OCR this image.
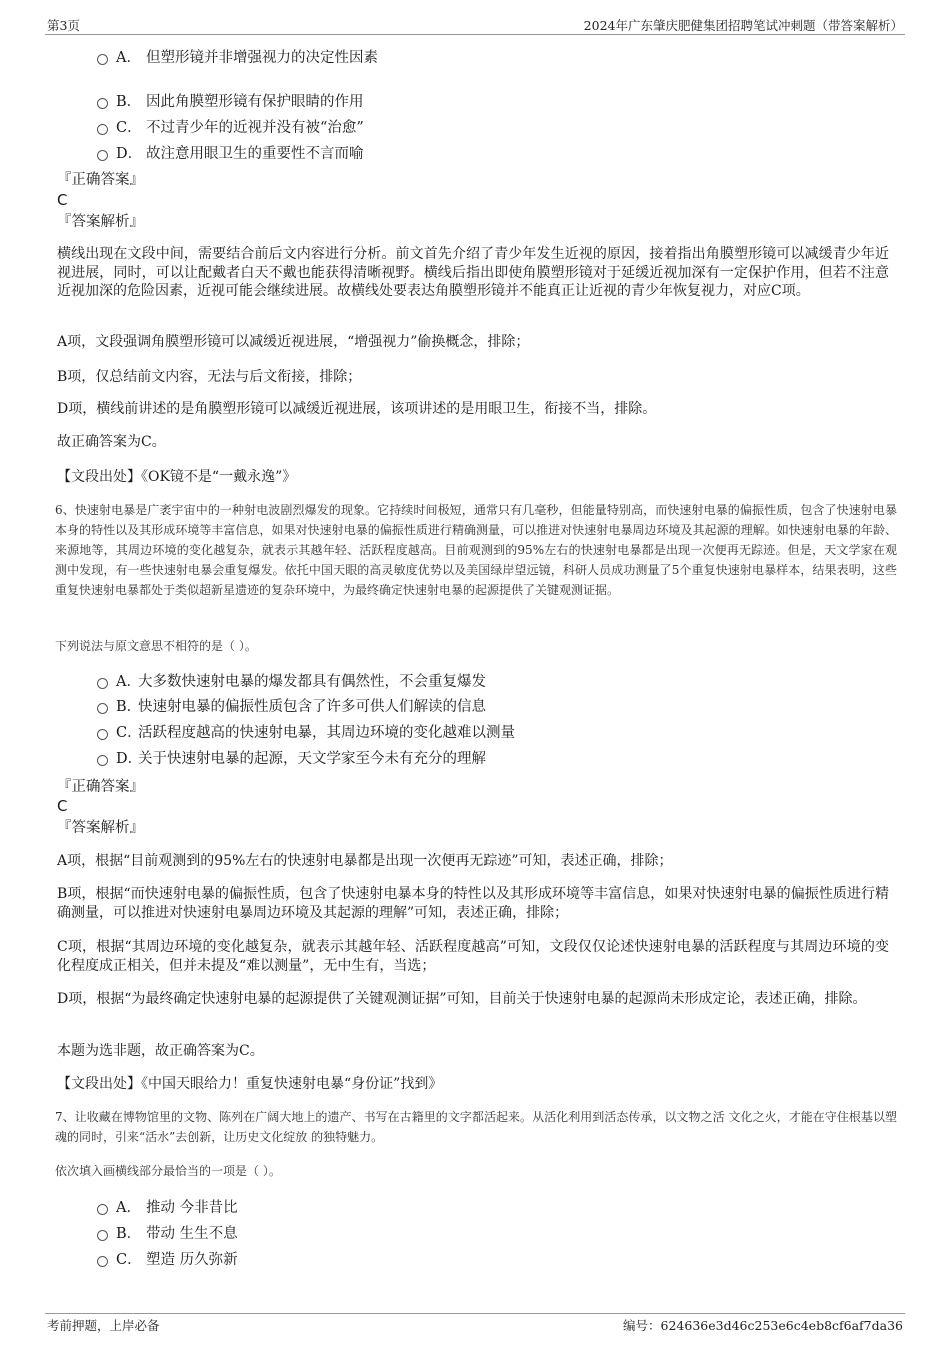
第3页	2024年广东肇庆肥健集团招聘笔试冲刺题（带答案解析）
A． 但塑形镜并非增强视力的决定性因素
B． 因此角膜塑形镜有保护眼睛的作用
C． 不过青少年的近视并没有被“治愈”
D． 故注意用眼卫生的重要性不言而喻
『正确答案』
C
『答案解析』
横线出现在文段中间，需要结合前后文内容进行分析。前文首先介绍了青少年发生近视的原因，接着指出角膜塑形镜可以减缓青少年近视进展，同时，可以让配戴者白天不戴也能获得清晰视野。横线后指出即使角膜塑形镜对于延缓近视加深有一定保护作用，但若不注意近视加深的危险因素，近视可能会继续进展。故横线处要表达角膜塑形镜并不能真正让近视的青少年恢复视力，对应C项。
A项，文段强调角膜塑形镜可以减缓近视进展，“增强视力”偷换概念，排除；
B项，仅总结前文内容，无法与后文衔接，排除；
D项，横线前讲述的是角膜塑形镜可以减缓近视进展，该项讲述的是用眼卫生，衔接不当，排除。
故正确答案为C。
【文段出处】《OK镜不是“一戴永逸”》
6、快速射电暴是广袤宇宙中的一种射电波剧烈爆发的现象。它持续时间极短，通常只有几毫秒，但能量特别高，而快速射电暴的偏振性质，包含了快速射电暴本身的特性以及其形成环境等丰富信息，如果对快速射电暴的偏振性质进行精确测量，可以推进对快速射电暴周边环境及其起源的理解。如快速射电暴的年龄、来源地等，其周边环境的变化越复杂，就表示其越年轻、活跃程度越高。目前观测到的95%左右的快速射电暴都是出现一次便再无踪迹。但是，天文学家在观测中发现，有一些快速射电暴会重复爆发。依托中国天眼的高灵敏度优势以及美国绿岸望远镜，科研人员成功测量了5个重复快速射电暴样本，结果表明，这些重复快速射电暴都处于类似超新星遗迹的复杂环境中，为最终确定快速射电暴的起源提供了关键观测证据。
下列说法与原文意思不相符的是（ ）。
A．大多数快速射电暴的爆发都具有偶然性，不会重复爆发
B．快速射电暴的偏振性质包含了许多可供人们解读的信息
C．活跃程度越高的快速射电暴，其周边环境的变化越难以测量
D．关于快速射电暴的起源，天文学家至今未有充分的理解
『正确答案』
C
『答案解析』
A项，根据“目前观测到的95%左右的快速射电暴都是出现一次便再无踪迹”可知，表述正确，排除；
B项，根据“而快速射电暴的偏振性质，包含了快速射电暴本身的特性以及其形成环境等丰富信息，如果对快速射电暴的偏振性质进行精确测量，可以推进对快速射电暴周边环境及其起源的理解”可知，表述正确，排除；
C项，根据“其周边环境的变化越复杂，就表示其越年轻、活跃程度越高”可知，文段仅仅论述快速射电暴的活跃程度与其周边环境的变化程度成正相关，但并未提及“难以测量”，无中生有，当选；
D项，根据“为最终确定快速射电暴的起源提供了关键观测证据”可知，目前关于快速射电暴的起源尚未形成定论，表述正确，排除。
本题为选非题，故正确答案为C。
【文段出处】《中国天眼给力！重复快速射电暴“身份证”找到》
7、让收藏在博物馆里的文物、陈列在广阔大地上的遗产、书写在古籍里的文字都活起来。从活化利用到活态传承，以文物之活 文化之火，才能在守住根基以塑魂的同时，引来“活水”去创新，让历史文化绽放 的独特魅力。
依次填入画横线部分最恰当的一项是（ ）。
A． 推动 今非昔比
B． 带动 生生不息
C． 塑造 历久弥新
考前押题，上岸必备	编号：624636e3d46c253e6c4eb8cf6af7da36
